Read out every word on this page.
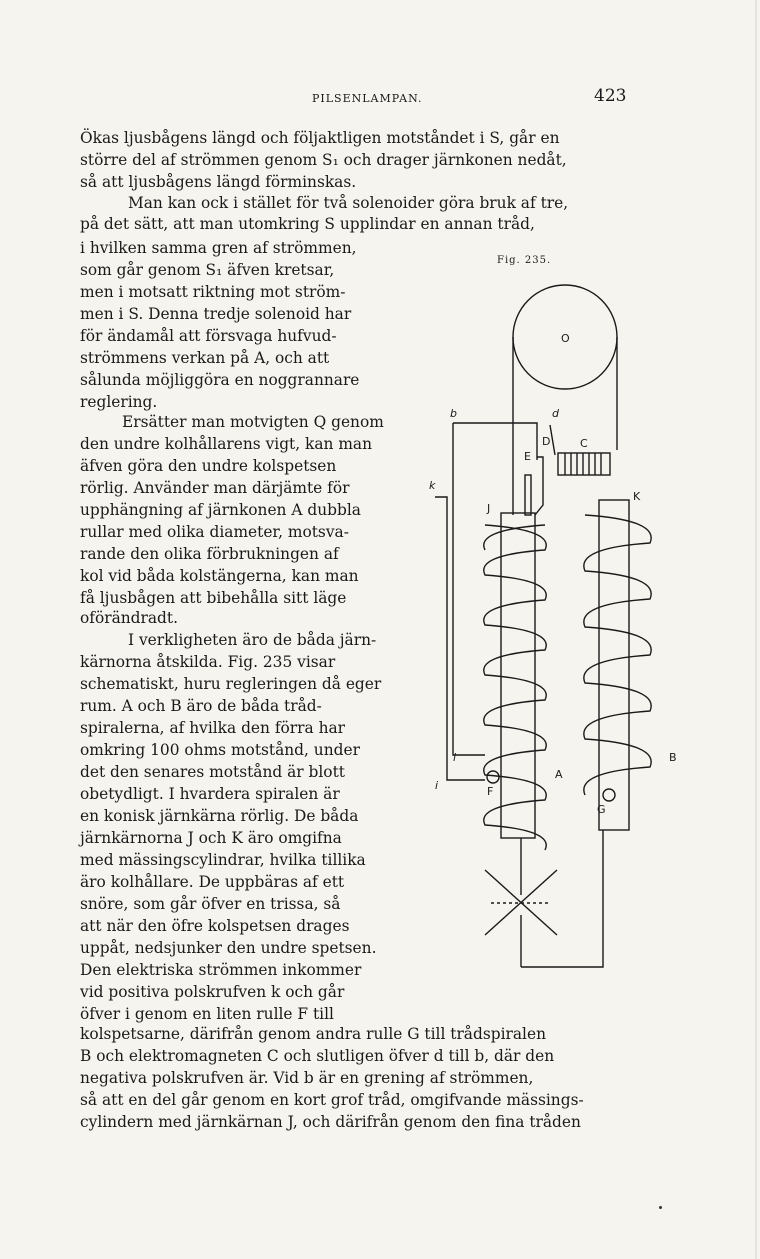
PILSENLAMPAN.	423
Fig. 235.
O
b	d
D	C
E
k
J
K
l
i	F
A
G
B
Ökas ljusbågens längd och följaktligen motståndet i S, går en
större del af strömmen genom S₁ och drager järnkonen nedåt,
så att ljusbågens längd förminskas.
Man kan ock i stället för två solenoider göra bruk af tre,
på det sätt, att man utomkring S upplindar en annan tråd,
i hvilken samma gren af strömmen,
som går genom S₁ äfven kretsar,
men i motsatt riktning mot ström-
men i S. Denna tredje solenoid har
för ändamål att försvaga hufvud-
strömmens verkan på A, och att
sålunda möjliggöra en noggrannare
reglering.
Ersätter man motvigten Q genom
den undre kolhållarens vigt, kan man
äfven göra den undre kolspetsen
rörlig. Använder man därjämte för
upphängning af järnkonen A dubbla
rullar med olika diameter, motsva-
rande den olika förbrukningen af
kol vid båda kolstängerna, kan man
få ljusbågen att bibehålla sitt läge
oförändradt.
I verkligheten äro de båda järn-
kärnorna åtskilda. Fig. 235 visar
schematiskt, huru regleringen då eger
rum. A och B äro de båda tråd-
spiralerna, af hvilka den förra har
omkring 100 ohms motstånd, under
det den senares motstånd är blott
obetydligt. I hvardera spiralen är
en konisk järnkärna rörlig. De båda
järnkärnorna J och K äro omgifna
med mässingscylindrar, hvilka tillika
äro kolhållare. De uppbäras af ett
snöre, som går öfver en trissa, så
att när den öfre kolspetsen drages
uppåt, nedsjunker den undre spetsen.
Den elektriska strömmen inkommer
vid positiva polskrufven k och går
öfver i genom en liten rulle F till
kolspetsarne, därifrån genom andra rulle G till trådspiralen
B och elektromagneten C och slutligen öfver d till b, där den
negativa polskrufven är. Vid b är en grening af strömmen,
så att en del går genom en kort grof tråd, omgifvande mässings-
cylindern med järnkärnan J, och därifrån genom den fina tråden
